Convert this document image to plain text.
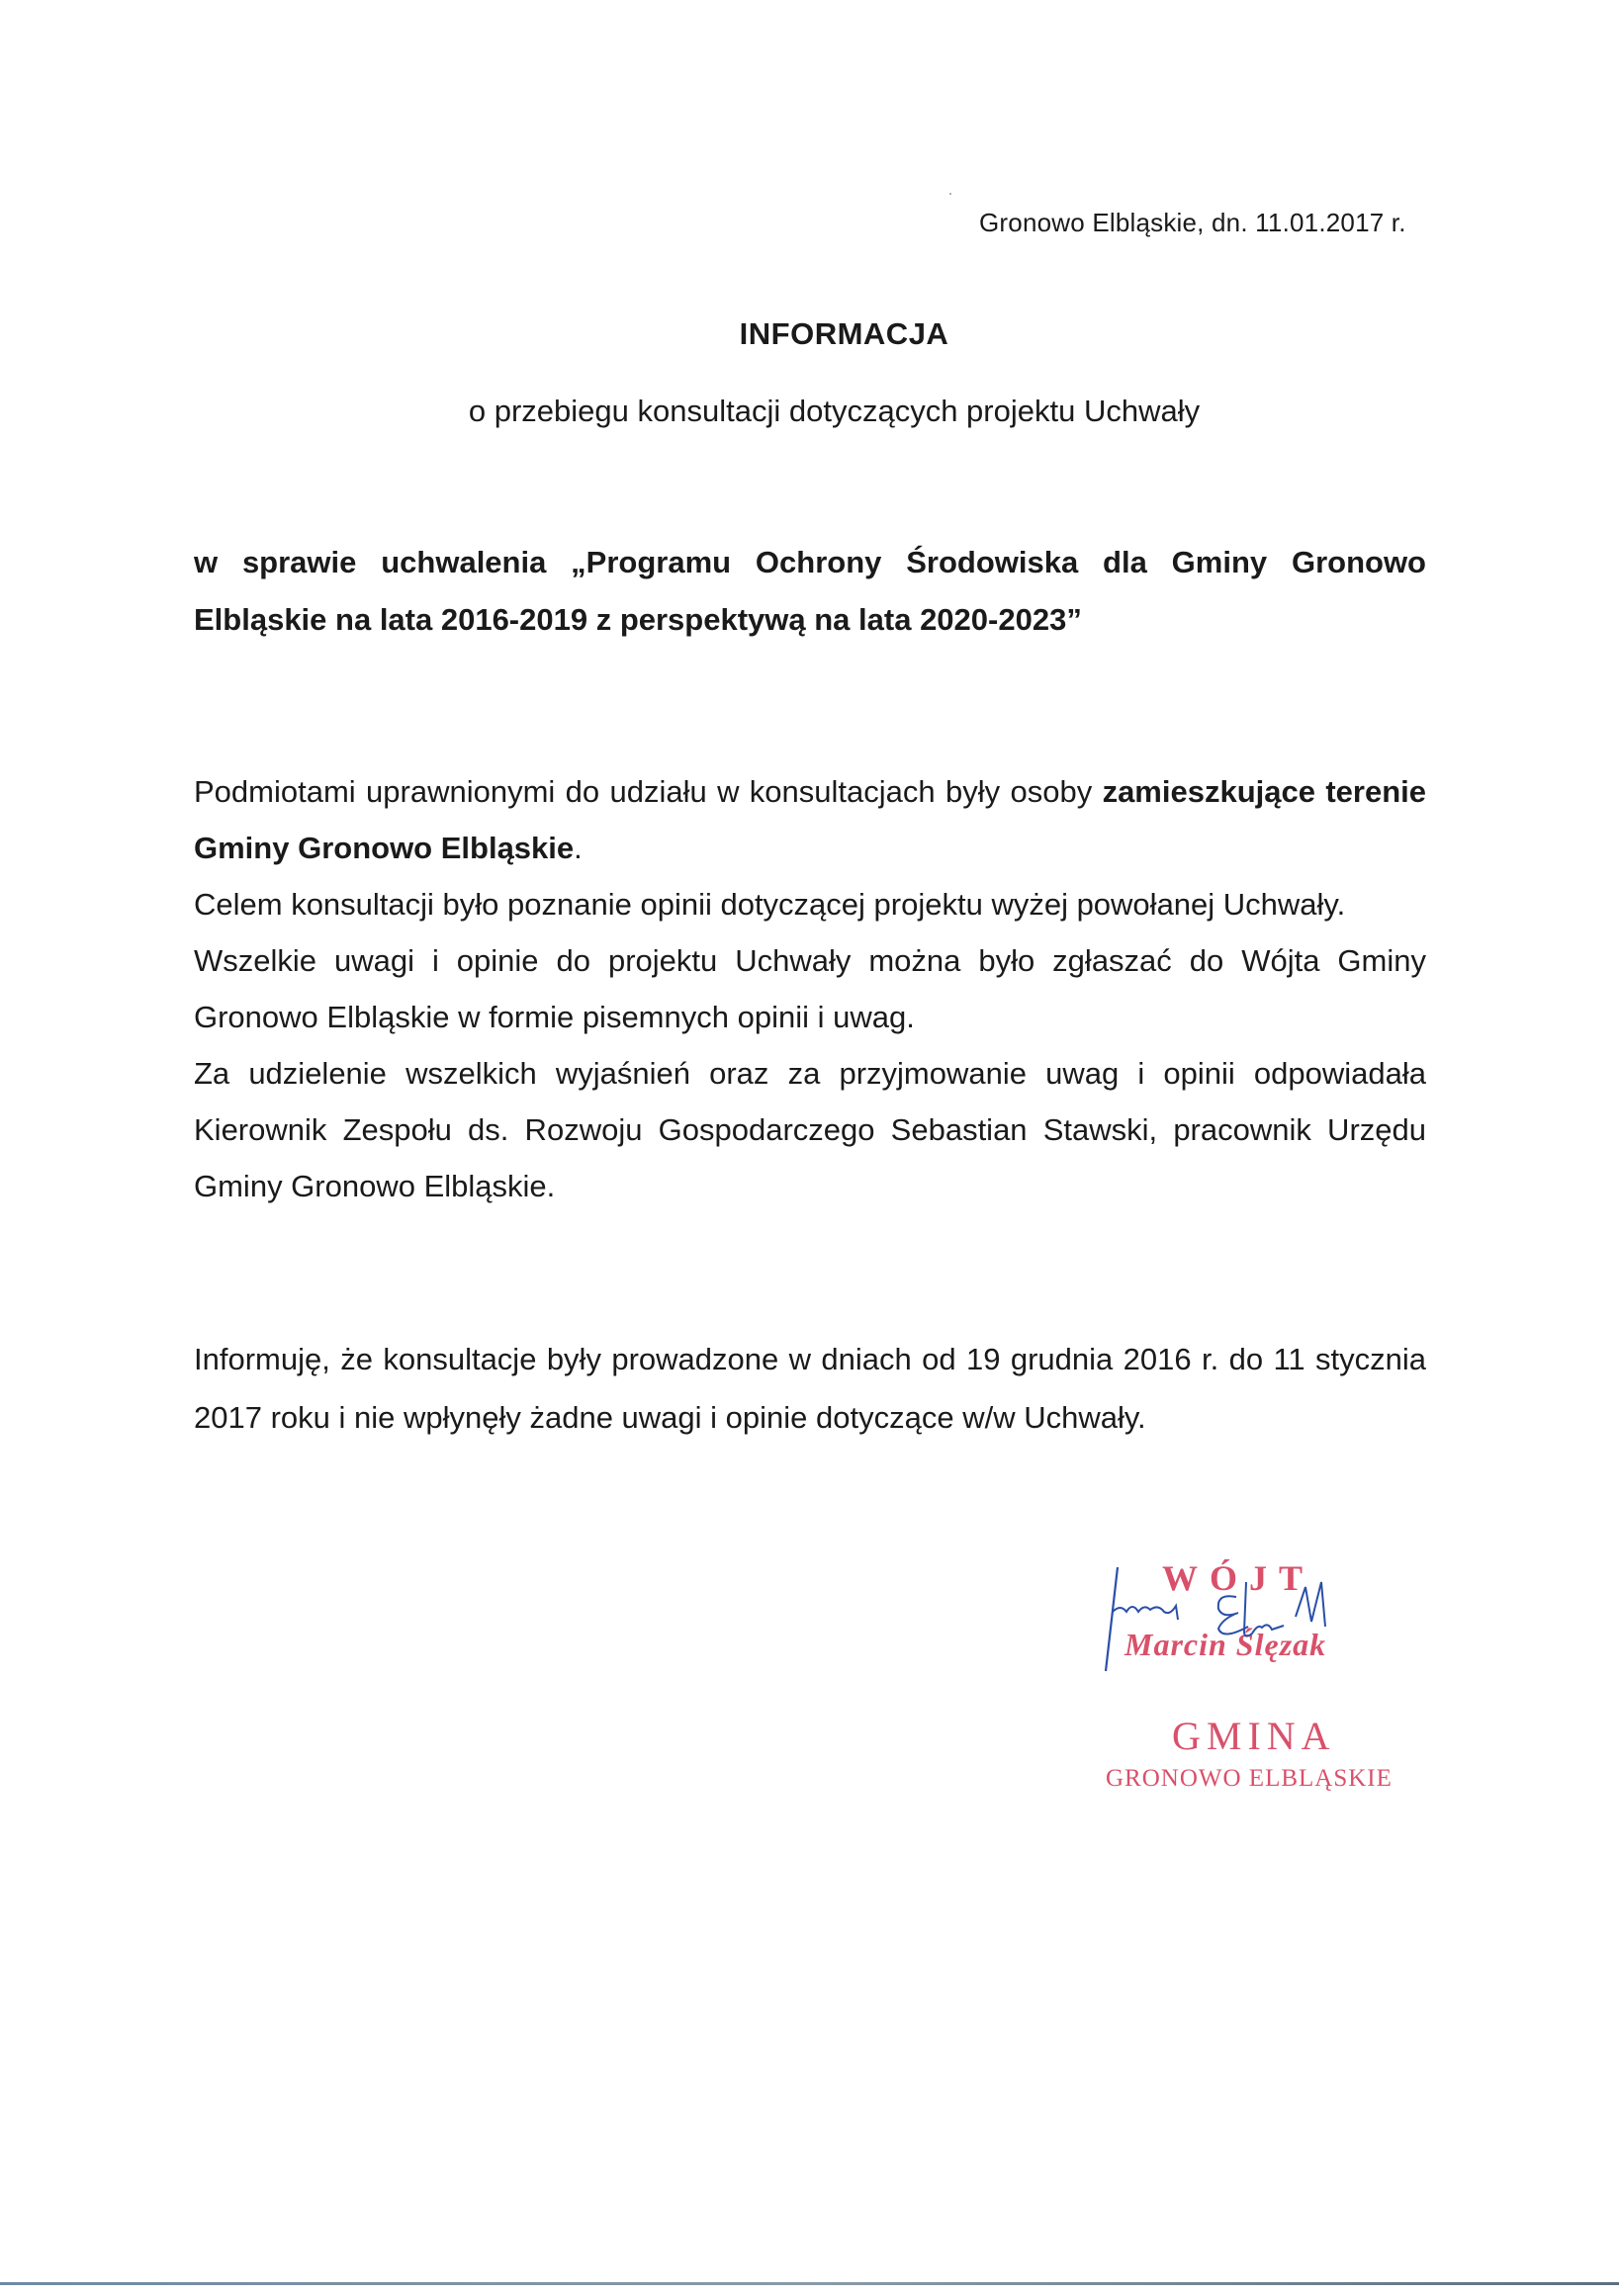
Gronowo Elbląskie, dn. 11.01.2017 r.
INFORMACJA
o przebiegu konsultacji dotyczących projektu Uchwały
w sprawie uchwalenia „Programu Ochrony Środowiska dla Gminy Gronowo Elbląskie na lata 2016-2019 z perspektywą na lata 2020-2023”

Podmiotami uprawnionymi do udziału w konsultacjach były osoby zamieszkujące terenie Gminy Gronowo Elbląskie.

Celem konsultacji było poznanie opinii dotyczącej projektu wyżej powołanej Uchwały.

Wszelkie uwagi i opinie do projektu Uchwały można było zgłaszać do Wójta Gminy Gronowo Elbląskie w formie pisemnych opinii i uwag.

Za udzielenie wszelkich wyjaśnień oraz za przyjmowanie uwag i opinii odpowiadała Kierownik Zespołu ds. Rozwoju Gospodarczego Sebastian Stawski, pracownik Urzędu Gminy Gronowo Elbląskie.

Informuję, że konsultacje były prowadzone w dniach od 19 grudnia 2016 r. do 11 stycznia 2017 roku i nie wpłynęły żadne uwagi i opinie dotyczące w/w Uchwały.
WÓJT
Marcin Ślęzak
GMINA
GRONOWO ELBLĄSKIE
